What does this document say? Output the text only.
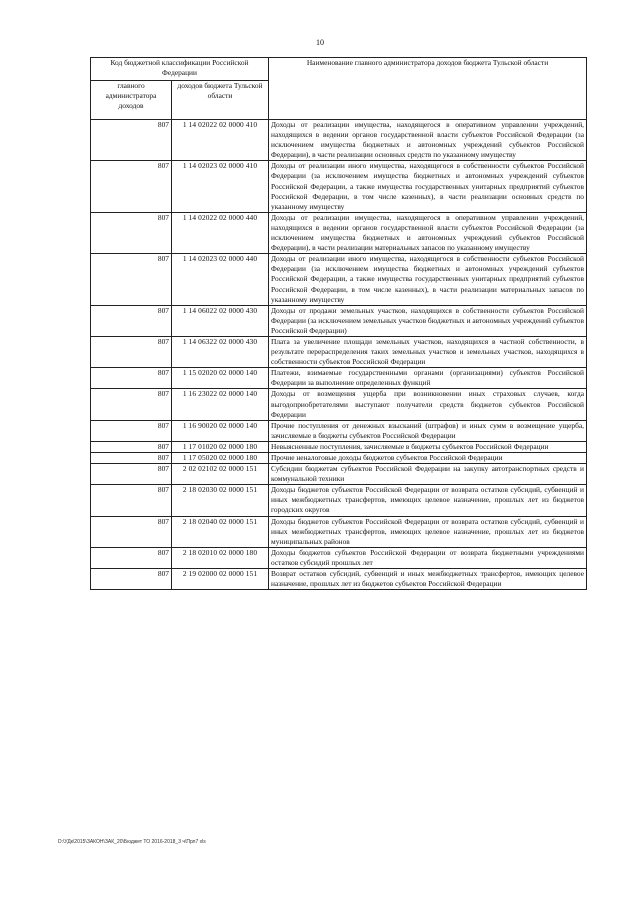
10
Код бюджетной классификации Российской Федерации		Наименование главного администратора доходов бюджета Тульской области
главного администратора доходов	доходов бюджета Тульской области	
807	1 14 02022 02 0000 410	Доходы от реализации имущества, находящегося в оперативном управлении учреждений, находящихся в ведении органов государственной власти субъектов Российской Федерации (за исключением имущества бюджетных и автономных учреждений субъектов Российской Федерации), в части реализации основных средств по указанному имуществу
807	1 14 02023 02 0000 410	Доходы от реализации иного имущества, находящегося в собственности субъектов Российской Федерации (за исключением имущества бюджетных и автономных учреждений субъектов Российской Федерации, а также имущества государственных унитарных предприятий субъектов Российской Федерации, в том числе казенных), в части реализации основных средств по указанному имуществу
807	1 14 02022 02 0000 440	Доходы от реализации имущества, находящегося в оперативном управлении учреждений, находящихся в ведении органов государственной власти субъектов Российской Федерации (за исключением имущества бюджетных и автономных учреждений субъектов Российской Федерации), в части реализации материальных запасов по указанному имуществу
807	1 14 02023 02 0000 440	Доходы от реализации иного имущества, находящегося в собственности субъектов Российской Федерации (за исключением имущества бюджетных и автономных учреждений субъектов Российской Федерации, а также имущества государственных унитарных предприятий субъектов Российской Федерации, в том числе казенных), в части реализации материальных запасов по указанному имуществу
807	1 14 06022 02 0000 430	Доходы от продажи земельных участков, находящихся в собственности субъектов Российской Федерации (за исключением земельных участков бюджетных и автономных учреждений субъектов Российской Федерации)
807	1 14 06322 02 0000 430	Плата за увеличение площади земельных участков, находящихся в частной собственности, в результате перераспределения таких земельных участков и земельных участков, находящихся в собственности субъектов Российской Федерации
807	1 15 02020 02 0000 140	Платежи, взимаемые государственными органами (организациями) субъектов Российской Федерации за выполнение определенных функций
807	1 16 23022 02 0000 140	Доходы от возмещения ущерба при возникновении иных страховых случаев, когда выгодоприобретателями выступают получатели средств бюджетов субъектов Российской Федерации
807	1 16 90020 02 0000 140	Прочие поступления от денежных взысканий (штрафов) и иных сумм в возмещение ущерба, зачисляемые в бюджеты субъектов Российской Федерации
807	1 17 01020 02 0000 180	Невыясненные поступления, зачисляемые в бюджеты субъектов Российской Федерации
807	1 17 05020 02 0000 180	Прочие неналоговые доходы бюджетов субъектов Российской Федерации
807	2 02 02102 02 0000 151	Субсидии бюджетам субъектов Российской Федерации на закупку автотранспортных средств и коммунальной техники
807	2 18 02030 02 0000 151	Доходы бюджетов субъектов Российской Федерации от возврата остатков субсидий, субвенций и иных межбюджетных трансфертов, имеющих целевое назначение, прошлых лет из бюджетов городских округов
807	2 18 02040 02 0000 151	Доходы бюджетов субъектов Российской Федерации от возврата остатков субсидий, субвенций и иных межбюджетных трансфертов, имеющих целевое назначение, прошлых лет из бюджетов муниципальных районов
807	2 18 02010 02 0000 180	Доходы бюджетов субъектов Российской Федерации от возврата бюджетными учреждениями остатков субсидий прошлых лет
807	2 19 02000 02 0000 151	Возврат остатков субсидий, субвенций и иных межбюджетных трансфертов, имеющих целевое назначение, прошлых лет из бюджетов субъектов Российской Федерации
D:\УДк\2015\ЗАКОН\ЗАК_20\Бюджет ТО 2016-2018_3 ч\Прл7 xls
